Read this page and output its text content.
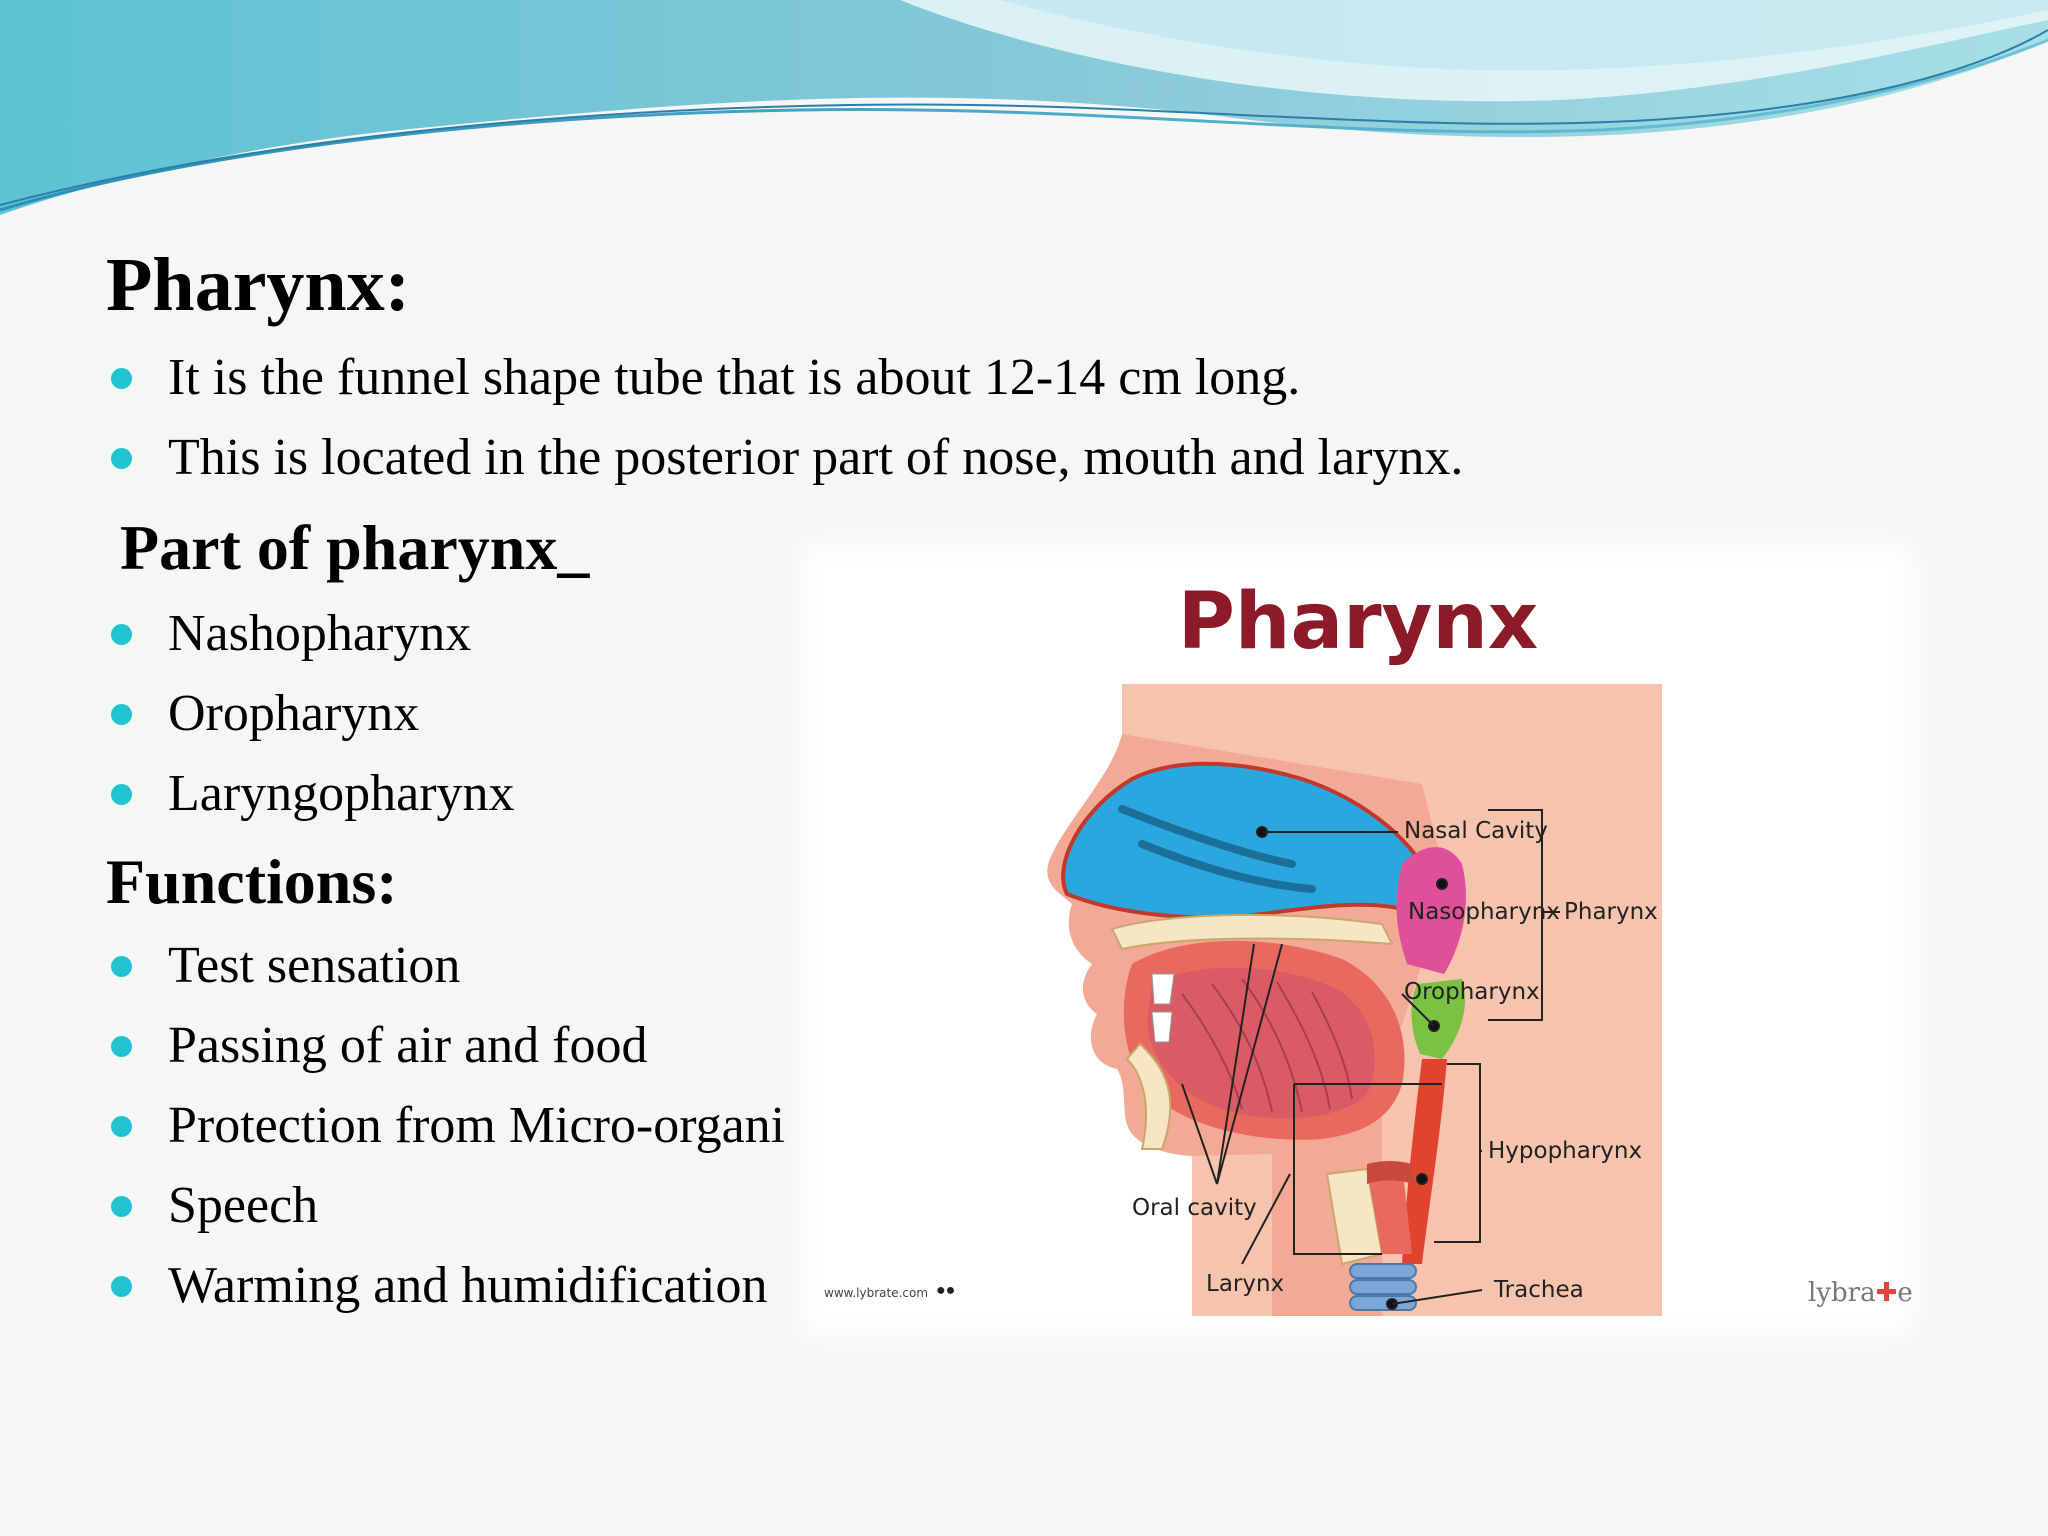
Pharynx:
It is the funnel shape tube that is about 12-14 cm long.
This is located in the posterior part of nose, mouth and larynx.
Part of pharynx_
Nashopharynx
Oropharynx
Laryngopharynx
Functions:
Test sensation
Passing of air and food
Protection from Micro-organi
Speech
Warming and humidification
Pharynx
Nasal Cavity
Nasopharynx Pharynx
Oropharynx
Hypopharynx
Oral cavity
Larynx	Trachea
www.lybrate.com ●●	lybra✚e
